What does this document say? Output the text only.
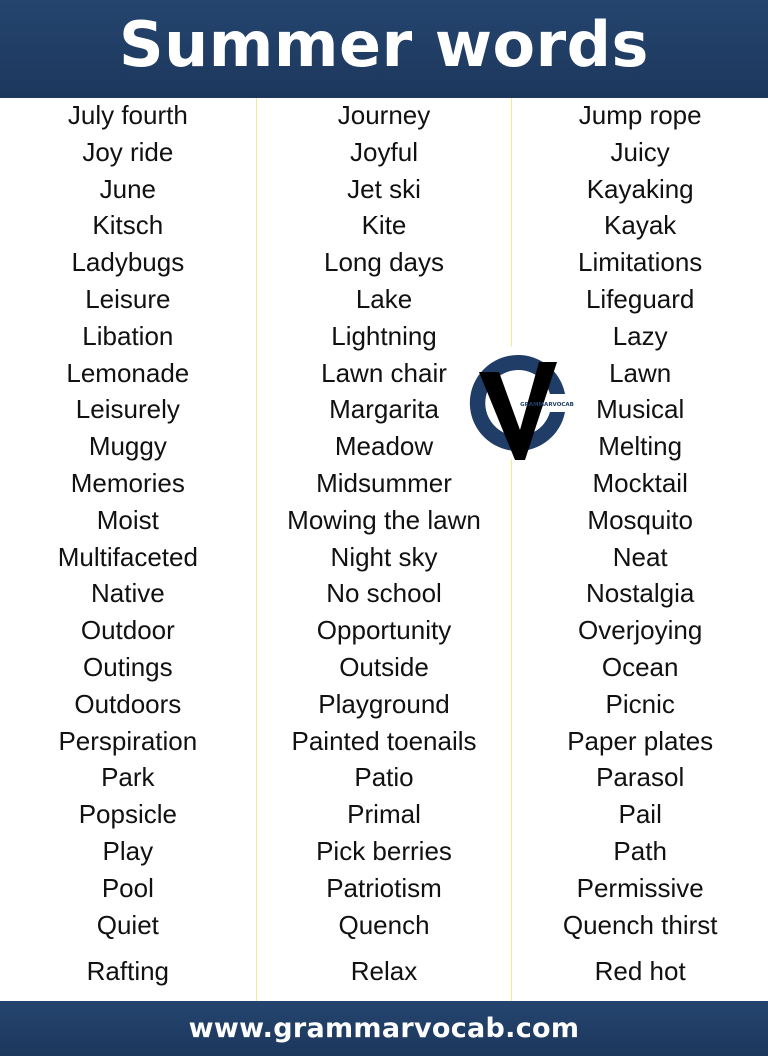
Summer words
July fourth
Joy ride
June
Kitsch
Ladybugs
Leisure
Libation
Lemonade
Leisurely
Muggy
Memories
Moist
Multifaceted
Native
Outdoor
Outings
Outdoors
Perspiration
Park
Popsicle
Play
Pool
Quiet
Rafting
Journey
Joyful
Jet ski
Kite
Long days
Lake
Lightning
Lawn chair
Margarita
Meadow
Midsummer
Mowing the lawn
Night sky
No school
Opportunity
Outside
Playground
Painted toenails
Patio
Primal
Pick berries
Patriotism
Quench
Relax
Jump rope
Juicy
Kayaking
Kayak
Limitations
Lifeguard
Lazy
Lawn
Musical
Melting
Mocktail
Mosquito
Neat
Nostalgia
Overjoying
Ocean
Picnic
Paper plates
Parasol
Pail
Path
Permissive
Quench thirst
Red hot
GRAMMARVOCAB
www.grammarvocab.com
